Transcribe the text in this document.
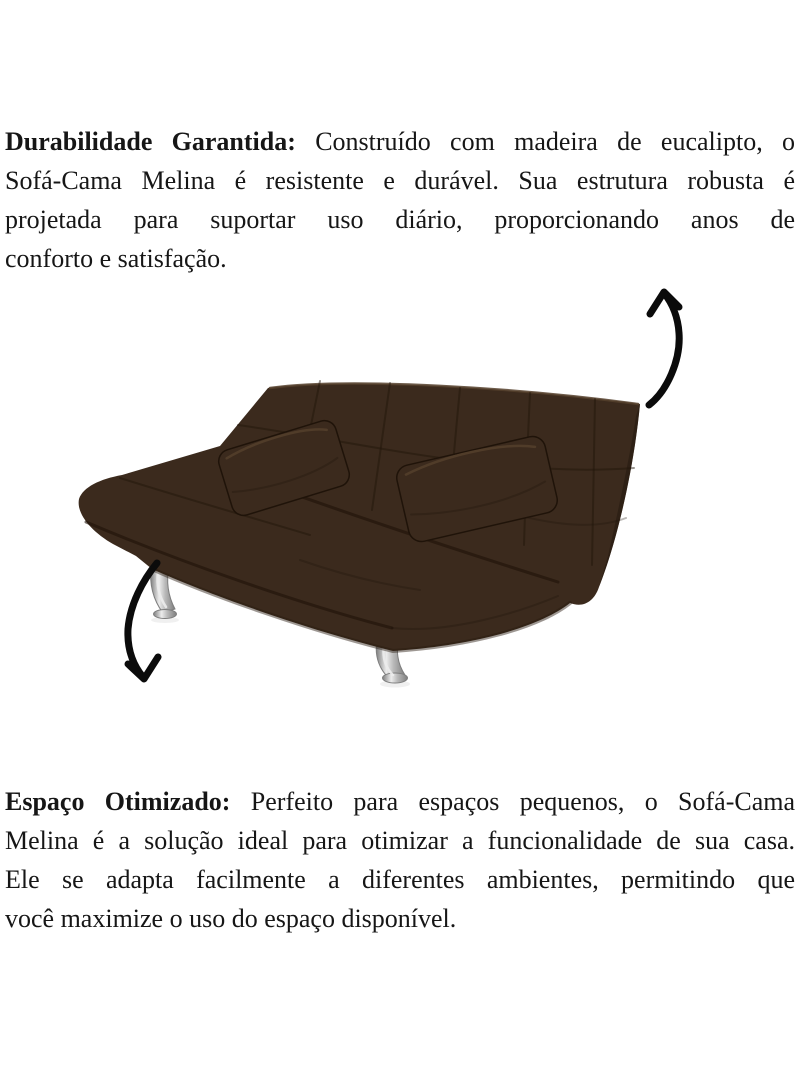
Durabilidade Garantida: Construído com madeira de eucalipto, o

Sofá-Cama Melina é resistente e durável. Sua estrutura robusta é

projetada para suportar uso diário, proporcionando anos de

conforto e satisfação.

Espaço Otimizado: Perfeito para espaços pequenos, o Sofá-Cama

Melina é a solução ideal para otimizar a funcionalidade de sua casa.

Ele se adapta facilmente a diferentes ambientes, permitindo que

você maximize o uso do espaço disponível.
